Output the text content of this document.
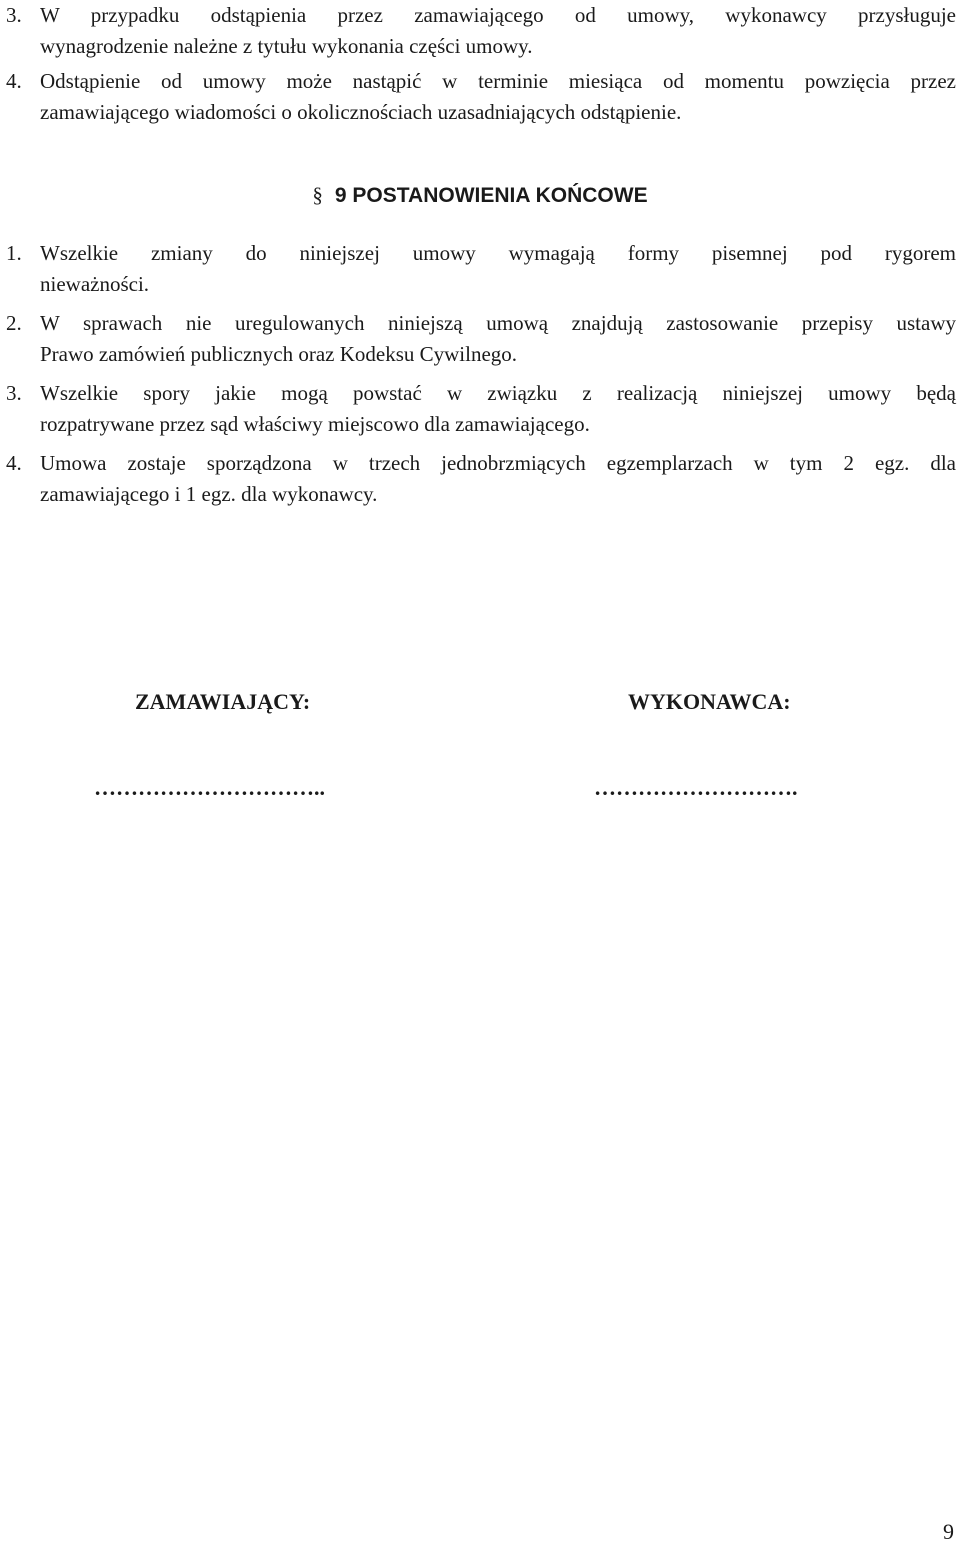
3. W przypadku odstąpienia przez zamawiającego od umowy, wykonawcy przysługuje
wynagrodzenie należne z tytułu wykonania części umowy.
4. Odstąpienie od umowy może nastąpić w terminie miesiąca od momentu powzięcia przez
zamawiającego wiadomości o okolicznościach uzasadniających odstąpienie.
§ 9 POSTANOWIENIA KOŃCOWE
1. Wszelkie zmiany do niniejszej umowy wymagają formy pisemnej pod rygorem
nieważności.
2. W sprawach nie uregulowanych niniejszą umową znajdują zastosowanie przepisy ustawy
Prawo zamówień publicznych oraz Kodeksu Cywilnego.
3. Wszelkie spory jakie mogą powstać w związku z realizacją niniejszej umowy będą
rozpatrywane przez sąd właściwy miejscowo dla zamawiającego.
4. Umowa zostaje sporządzona w trzech jednobrzmiących egzemplarzach w tym 2 egz. dla
zamawiającego i 1 egz. dla wykonawcy.
ZAMAWIAJĄCY:	WYKONAWCA:
…………………………..	……………………….
9
